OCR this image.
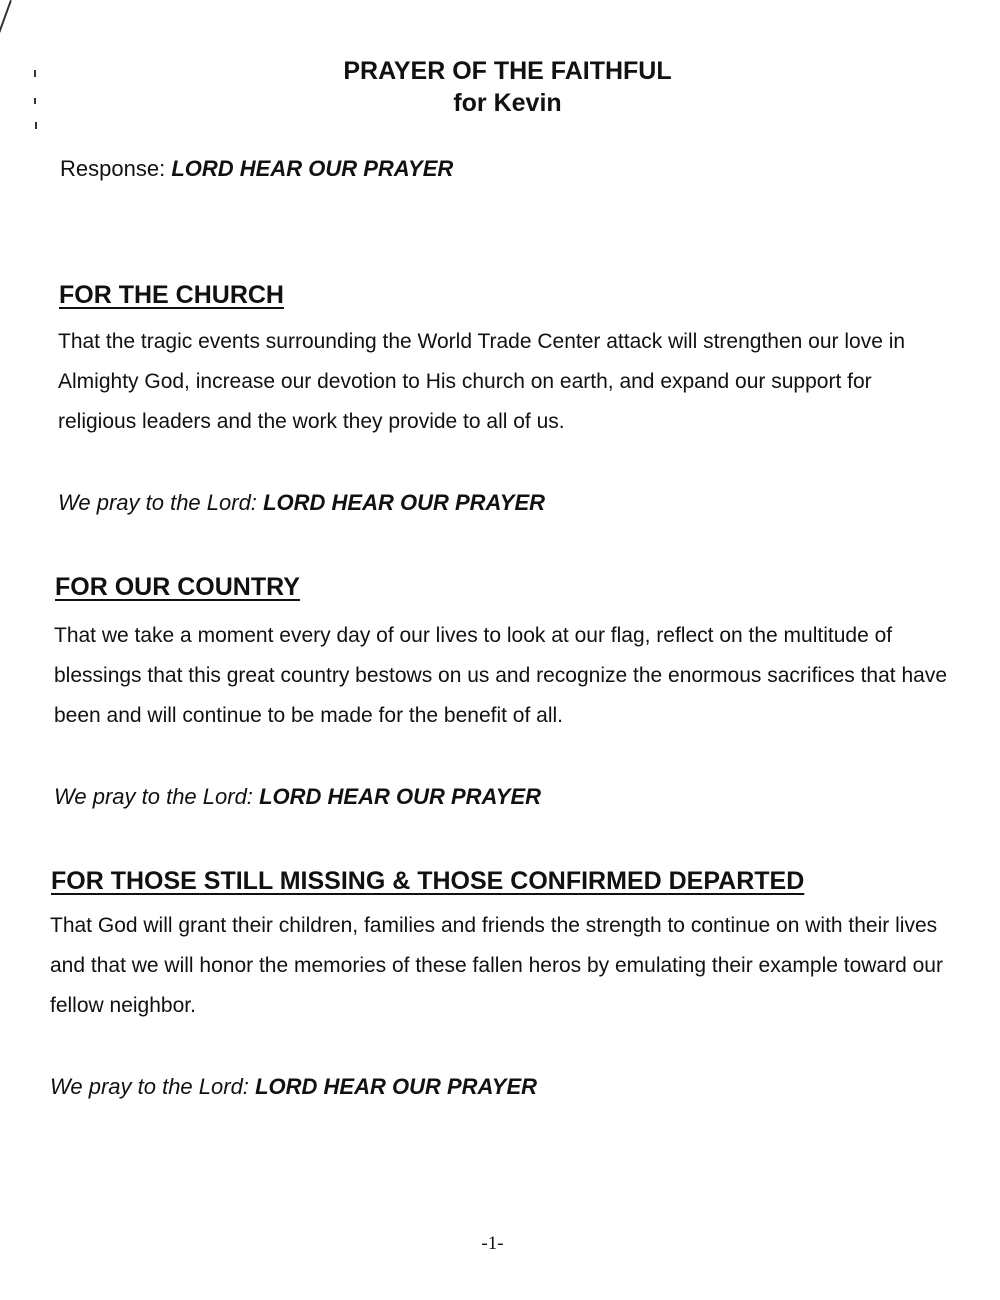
PRAYER OF THE FAITHFUL
for Kevin
Response: LORD HEAR OUR PRAYER
FOR THE CHURCH
That the tragic events surrounding the World Trade Center attack will strengthen our love in Almighty God, increase our devotion to His church on earth, and expand our support for religious leaders and the work they provide to all of us.
We pray to the Lord: LORD HEAR OUR PRAYER
FOR OUR COUNTRY
That we take a moment every day of our lives to look at our flag, reflect on the multitude of blessings that this great country bestows on us and recognize the enormous sacrifices that have been and will continue to be made for the benefit of all.
We pray to the Lord: LORD HEAR OUR PRAYER
FOR THOSE STILL MISSING & THOSE CONFIRMED DEPARTED
That God will grant their children, families and friends the strength to continue on with their lives and that we will honor the memories of these fallen heros by emulating their example toward our fellow neighbor.
We pray to the Lord: LORD HEAR OUR PRAYER
-1-
